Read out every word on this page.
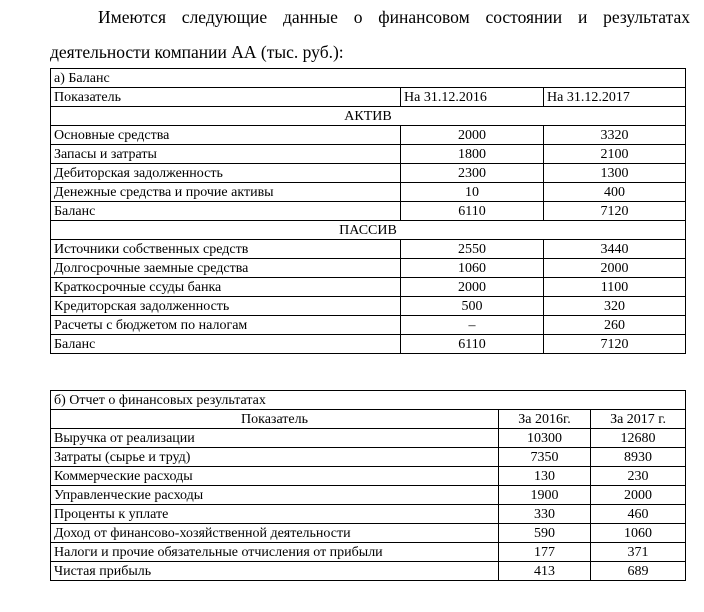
Имеются следующие данные о финансовом состоянии и результатах деятельности компании АА (тыс. руб.):

а) Баланс		
Показатель	На 31.12.2016	На 31.12.2017
АКТИВ		
Основные средства	2000	3320
Запасы и затраты	1800	2100
Дебиторская задолженность	2300	1300
Денежные средства и прочие активы	10	400
Баланс	6110	7120
ПАССИВ		
Источники собственных средств	2550	3440
Долгосрочные заемные средства	1060	2000
Краткосрочные ссуды банка	2000	1100
Кредиторская задолженность	500	320
Расчеты с бюджетом по налогам	–	260
Баланс	6110	7120
б) Отчет о финансовых результатах		
Показатель	За 2016г.	За 2017 г.
Выручка от реализации	10300	12680
Затраты (сырье и труд)	7350	8930
Коммерческие расходы	130	230
Управленческие расходы	1900	2000
Проценты к уплате	330	460
Доход от финансово-хозяйственной деятельности	590	1060
Налоги и прочие обязательные отчисления от прибыли	177	371
Чистая прибыль	413	689
